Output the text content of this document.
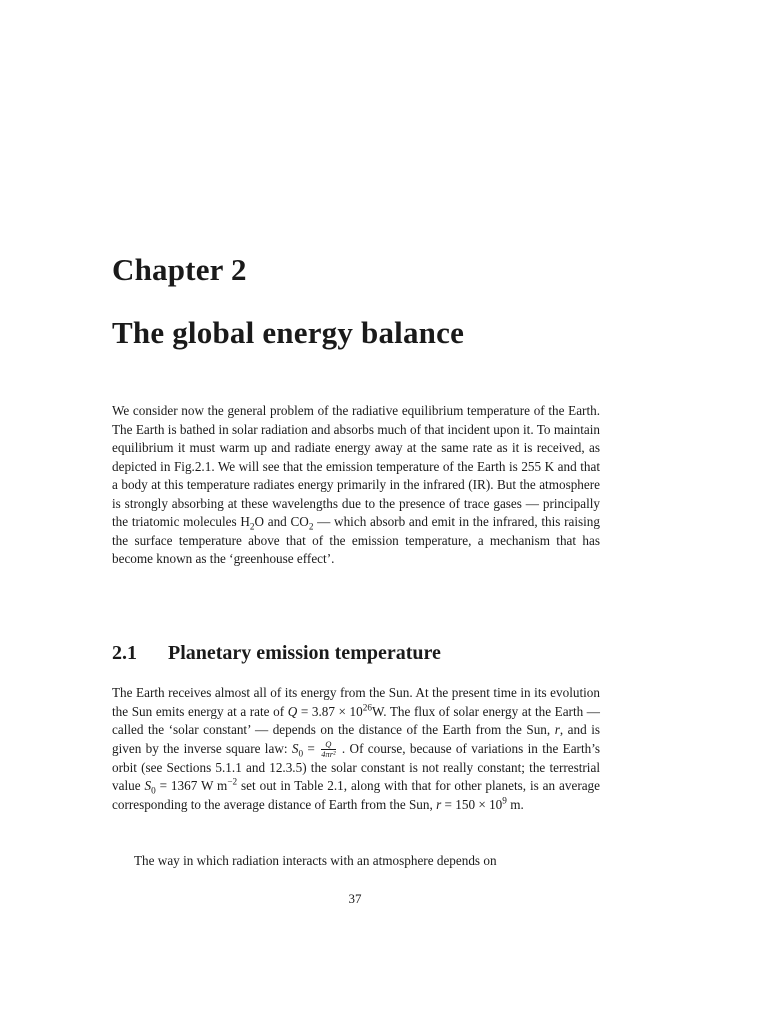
Chapter 2
The global energy balance

We consider now the general problem of the radiative equilibrium temperature of the Earth. The Earth is bathed in solar radiation and absorbs much of that incident upon it. To maintain equilibrium it must warm up and radiate energy away at the same rate as it is received, as depicted in Fig.2.1. We will see that the emission temperature of the Earth is 255 K and that a body at this temperature radiates energy primarily in the infrared (IR). But the atmosphere is strongly absorbing at these wavelengths due to the presence of trace gases — principally the triatomic molecules $H_2O$ and $CO_2$ — which absorb and emit in the infrared, this raising the surface temperature above that of the emission temperature, a mechanism that has become known as the ‘greenhouse effect’.

2.1 Planetary emission temperature

The Earth receives almost all of its energy from the Sun. At the present time in its evolution the Sun emits energy at a rate of $Q = 3.87 \times 10^{26}W$. The flux of solar energy at the Earth — called the ‘solar constant’ — depends on the distance of the Earth from the Sun, r, and is given by the inverse square law: $S_0 = \frac{Q}{\text{4πr²}}$ . Of course, because of variations in the Earth’s orbit (see Sections 5.1.1 and 12.3.5) the solar constant is not really constant; the terrestrial value $S_0 = 1367$ W $m^{-2}$ set out in Table 2.1, along with that for other planets, is an average corresponding to the average distance of Earth from the Sun, $r = 150 \times 10^9$ m.

The way in which radiation interacts with an atmosphere depends on

37
